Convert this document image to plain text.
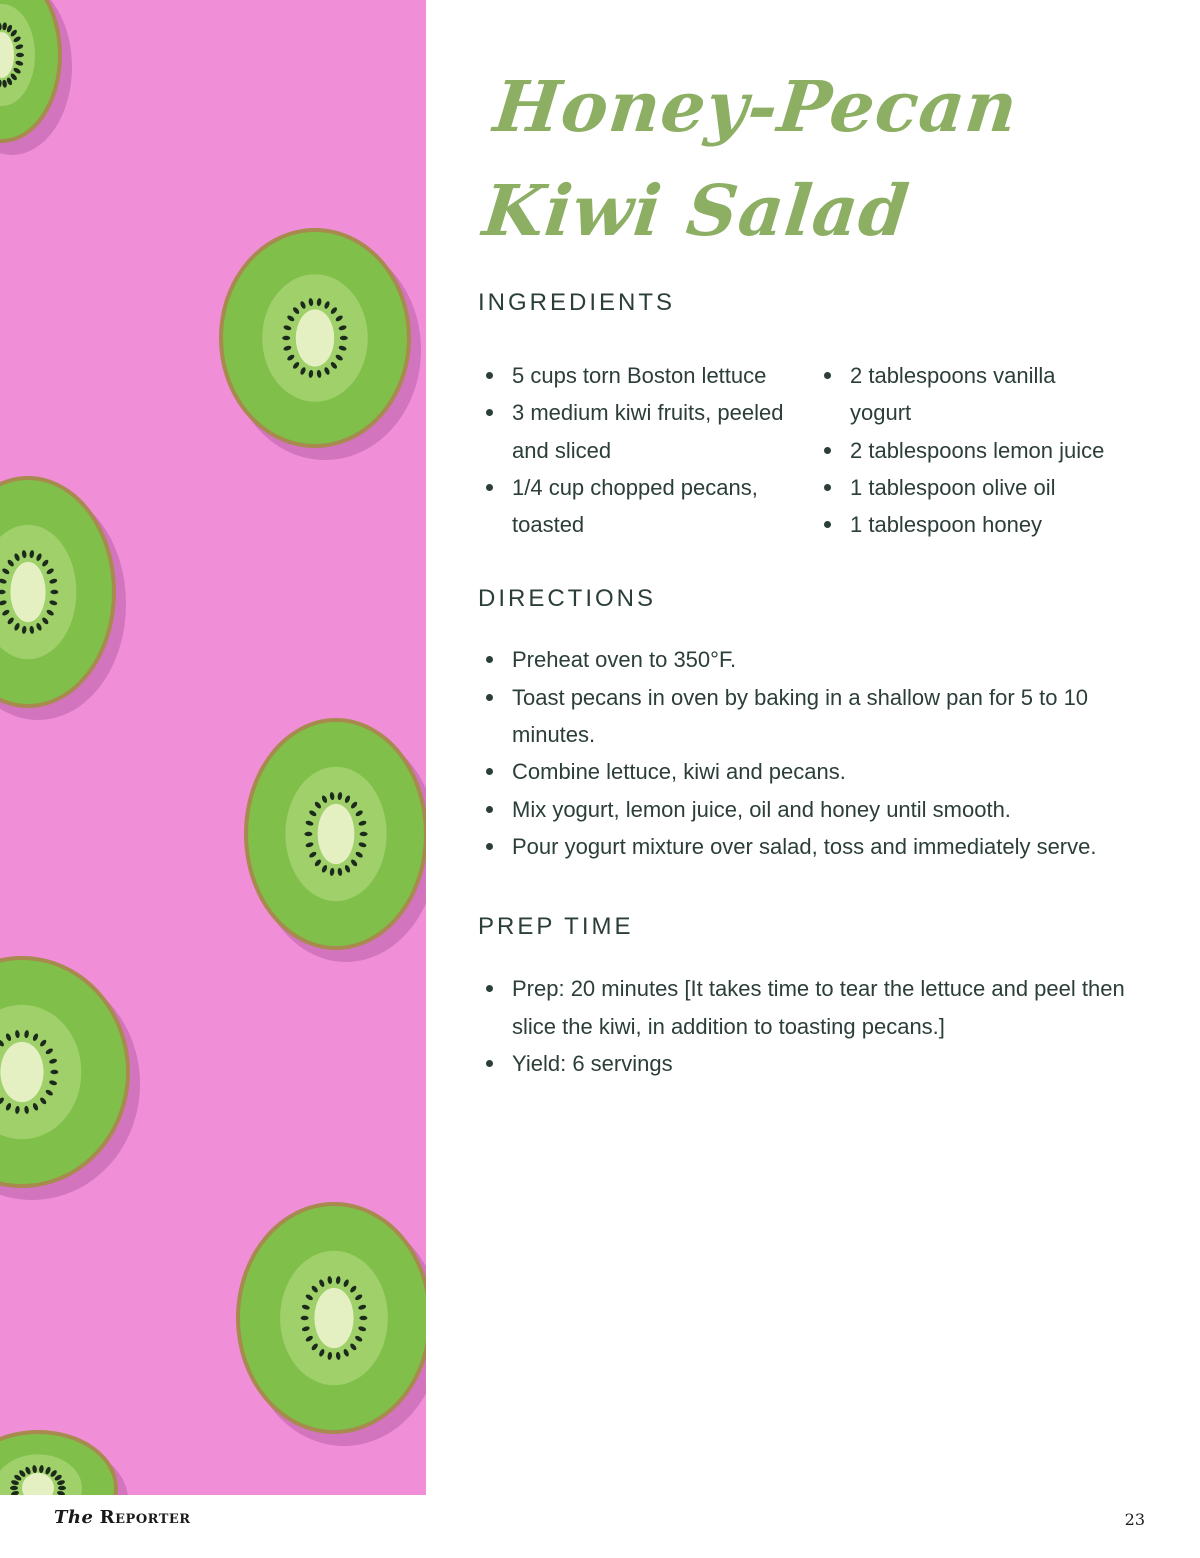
Honey-Pecan Kiwi Salad
INGREDIENTS
5 cups torn Boston lettuce
3 medium kiwi fruits, peeled and sliced
1/4 cup chopped pecans, toasted
2 tablespoons vanilla yogurt
2 tablespoons lemon juice
1 tablespoon olive oil
1 tablespoon honey
DIRECTIONS
Preheat oven to 350°F.
Toast pecans in oven by baking in a shallow pan for 5 to 10 minutes.
Combine lettuce, kiwi and pecans.
Mix yogurt, lemon juice, oil and honey until smooth.
Pour yogurt mixture over salad, toss and immediately serve.
PREP TIME
Prep: 20 minutes [It takes time to tear the lettuce and peel then slice the kiwi, in addition to toasting pecans.]
Yield: 6 servings
The Reporter	23
